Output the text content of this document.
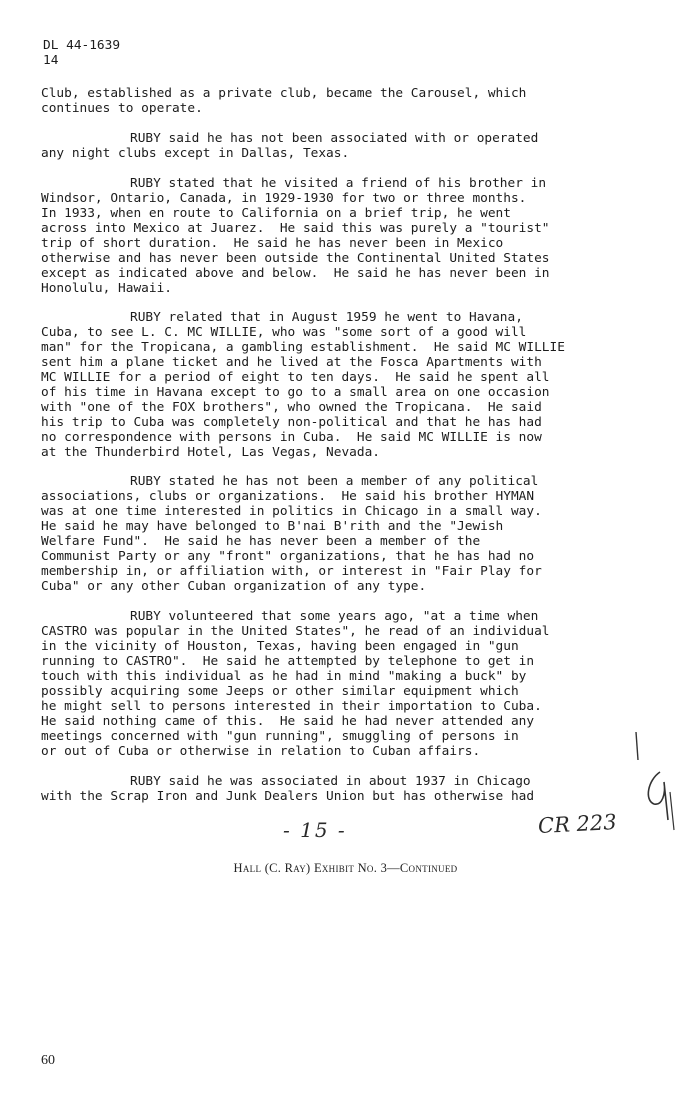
DL 44-1639
14
Club, established as a private club, became the Carousel, which
continues to operate.
RUBY said he has not been associated with or operated
any night clubs except in Dallas, Texas.
RUBY stated that he visited a friend of his brother in
Windsor, Ontario, Canada, in 1929-1930 for two or three months.
In 1933, when en route to California on a brief trip, he went
across into Mexico at Juarez.  He said this was purely a "tourist"
trip of short duration.  He said he has never been in Mexico
otherwise and has never been outside the Continental United States
except as indicated above and below.  He said he has never been in
Honolulu, Hawaii.
RUBY related that in August 1959 he went to Havana,
Cuba, to see L. C. MC WILLIE, who was "some sort of a good will
man" for the Tropicana, a gambling establishment.  He said MC WILLIE
sent him a plane ticket and he lived at the Fosca Apartments with
MC WILLIE for a period of eight to ten days.  He said he spent all
of his time in Havana except to go to a small area on one occasion
with "one of the FOX brothers", who owned the Tropicana.  He said
his trip to Cuba was completely non-political and that he has had
no correspondence with persons in Cuba.  He said MC WILLIE is now
at the Thunderbird Hotel, Las Vegas, Nevada.
RUBY stated he has not been a member of any political
associations, clubs or organizations.  He said his brother HYMAN
was at one time interested in politics in Chicago in a small way.
He said he may have belonged to B'nai B'rith and the "Jewish
Welfare Fund".  He said he has never been a member of the
Communist Party or any "front" organizations, that he has had no
membership in, or affiliation with, or interest in "Fair Play for
Cuba" or any other Cuban organization of any type.
RUBY volunteered that some years ago, "at a time when
CASTRO was popular in the United States", he read of an individual
in the vicinity of Houston, Texas, having been engaged in "gun
running to CASTRO".  He said he attempted by telephone to get in
touch with this individual as he had in mind "making a buck" by
possibly acquiring some Jeeps or other similar equipment which
he might sell to persons interested in their importation to Cuba.
He said nothing came of this.  He said he had never attended any
meetings concerned with "gun running", smuggling of persons in
or out of Cuba or otherwise in relation to Cuban affairs.
RUBY said he was associated in about 1937 in Chicago
with the Scrap Iron and Junk Dealers Union but has otherwise had
- 15 -	CR 223
Hall (C. Ray) Exhibit No. 3—Continued
60
